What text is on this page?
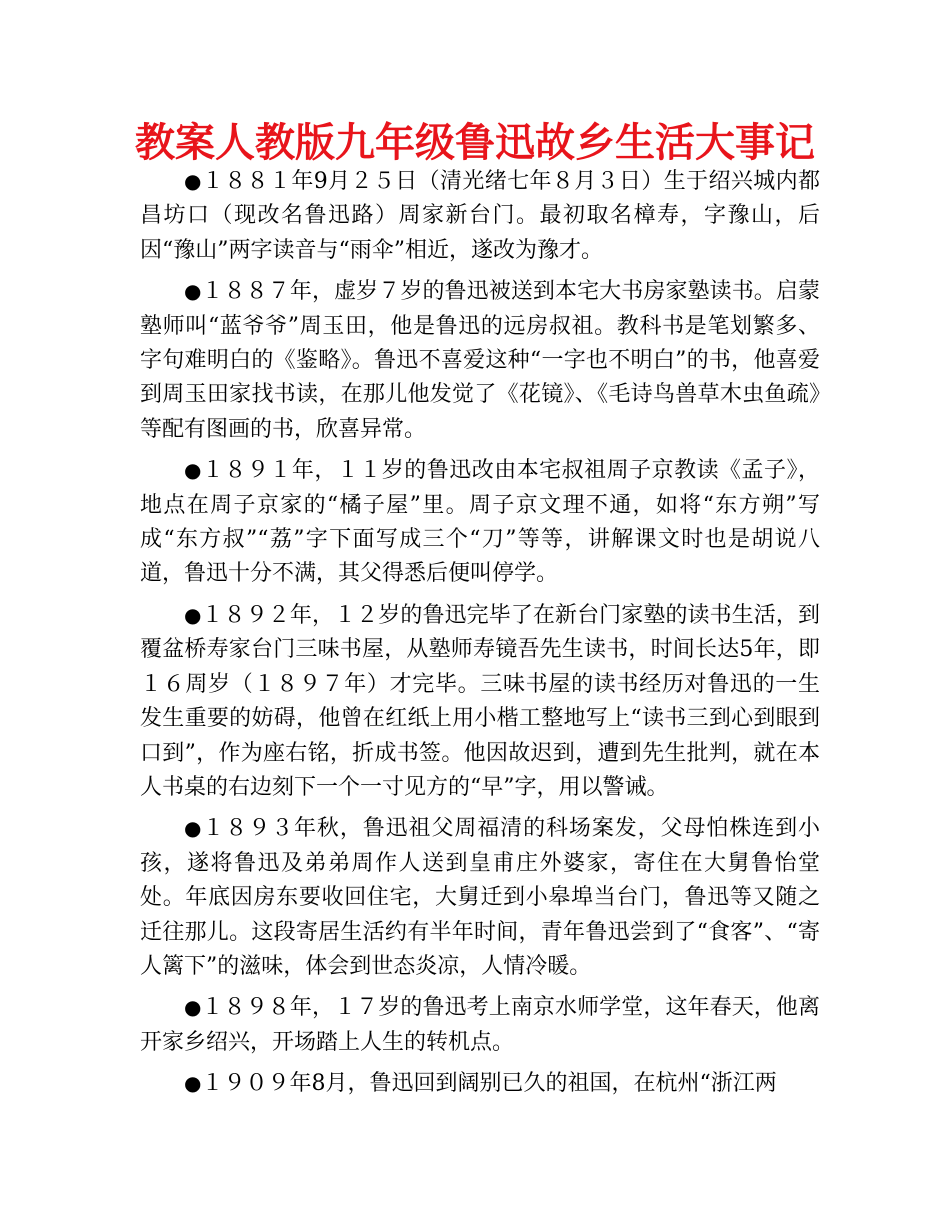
教案人教版九年级鲁迅故乡生活大事记

●１８８１年9月２５日（清光绪七年８月３日）生于绍兴城内都昌坊口（现改名鲁迅路）周家新台门。最初取名樟寿，字豫山，后因“豫山”两字读音与“雨伞”相近，遂改为豫才。

●１８８７年，虚岁７岁的鲁迅被送到本宅大书房家塾读书。启蒙塾师叫“蓝爷爷”周玉田，他是鲁迅的远房叔祖。教科书是笔划繁多、字句难明白的《鉴略》。鲁迅不喜爱这种“一字也不明白”的书，他喜爱到周玉田家找书读，在那儿他发觉了《花镜》、《毛诗鸟兽草木虫鱼疏》等配有图画的书，欣喜异常。

●１８９１年，１１岁的鲁迅改由本宅叔祖周子京教读《孟子》，地点在周子京家的“橘子屋”里。周子京文理不通，如将“东方朔”写成“东方叔”“荔”字下面写成三个“刀”等等，讲解课文时也是胡说八道，鲁迅十分不满，其父得悉后便叫停学。

●１８９２年，１２岁的鲁迅完毕了在新台门家塾的读书生活，到覆盆桥寿家台门三味书屋，从塾师寿镜吾先生读书，时间长达5年，即１６周岁（１８９７年）才完毕。三味书屋的读书经历对鲁迅的一生发生重要的妨碍，他曾在红纸上用小楷工整地写上“读书三到心到眼到口到”，作为座右铭，折成书签。他因故迟到，遭到先生批判，就在本人书桌的右边刻下一个一寸见方的“早”字，用以警诫。

●１８９３年秋，鲁迅祖父周福清的科场案发，父母怕株连到小孩，遂将鲁迅及弟弟周作人送到皇甫庄外婆家，寄住在大舅鲁怡堂处。年底因房东要收回住宅，大舅迁到小皋埠当台门，鲁迅等又随之迁往那儿。这段寄居生活约有半年时间，青年鲁迅尝到了“食客”、“寄人篱下”的滋味，体会到世态炎凉，人情冷暖。

●１８９８年，１７岁的鲁迅考上南京水师学堂，这年春天，他离开家乡绍兴，开场踏上人生的转机点。

●１９０９年8月，鲁迅回到阔别已久的祖国，在杭州“浙江两
